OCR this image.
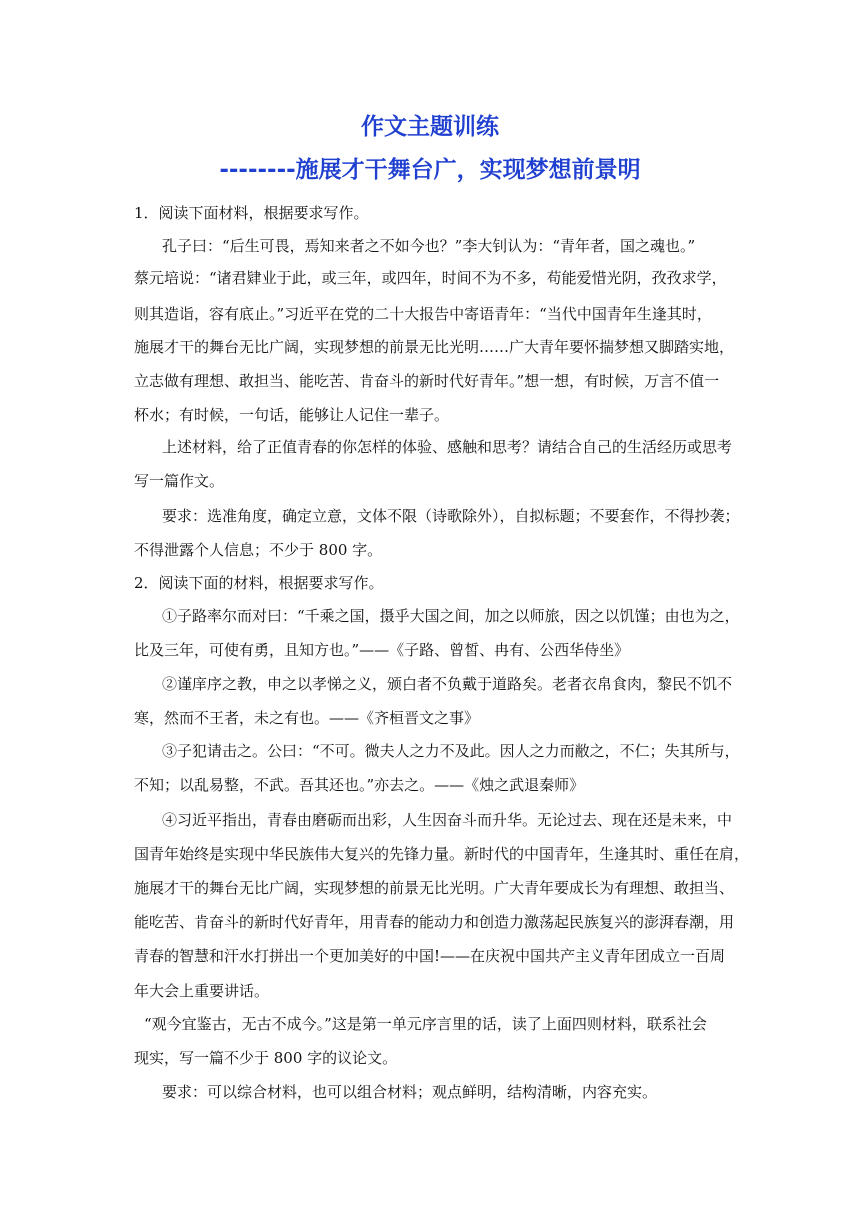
作文主题训练
--------施展才干舞台广，实现梦想前景明
1．阅读下面材料，根据要求写作。
孔子曰：“后生可畏，焉知来者之不如今也？”李大钊认为：“青年者，国之魂也。”
蔡元培说：“诸君肄业于此，或三年，或四年，时间不为不多，苟能爱惜光阴，孜孜求学，
则其造诣，容有底止。”习近平在党的二十大报告中寄语青年：“当代中国青年生逢其时，
施展才干的舞台无比广阔，实现梦想的前景无比光明……广大青年要怀揣梦想又脚踏实地，
立志做有理想、敢担当、能吃苦、肯奋斗的新时代好青年。”想一想，有时候，万言不值一
杯水；有时候，一句话，能够让人记住一辈子。
上述材料，给了正值青春的你怎样的体验、感触和思考？请结合自己的生活经历或思考
写一篇作文。
要求：选准角度，确定立意，文体不限（诗歌除外），自拟标题；不要套作，不得抄袭；
不得泄露个人信息；不少于 800 字。
2．阅读下面的材料，根据要求写作。
①子路率尔而对曰：“千乘之国，摄乎大国之间，加之以师旅，因之以饥馑；由也为之，
比及三年，可使有勇，且知方也。”——《子路、曾皙、冉有、公西华侍坐》
②谨庠序之教，申之以孝悌之义，颁白者不负戴于道路矣。老者衣帛食肉，黎民不饥不
寒，然而不王者，未之有也。——《齐桓晋文之事》
③子犯请击之。公曰：“不可。微夫人之力不及此。因人之力而敝之，不仁；失其所与，
不知；以乱易整，不武。吾其还也。”亦去之。——《烛之武退秦师》
④习近平指出，青春由磨砺而出彩，人生因奋斗而升华。无论过去、现在还是未来，中
国青年始终是实现中华民族伟大复兴的先锋力量。新时代的中国青年，生逢其时、重任在肩，
施展才干的舞台无比广阔，实现梦想的前景无比光明。广大青年要成长为有理想、敢担当、
能吃苦、肯奋斗的新时代好青年，用青春的能动力和创造力激荡起民族复兴的澎湃春潮，用
青春的智慧和汗水打拼出一个更加美好的中国!——在庆祝中国共产主义青年团成立一百周
年大会上重要讲话。
“观今宜鉴古，无古不成今。”这是第一单元序言里的话，读了上面四则材料，联系社会
现实，写一篇不少于 800 字的议论文。
要求：可以综合材料，也可以组合材料；观点鲜明，结构清晰，内容充实。
